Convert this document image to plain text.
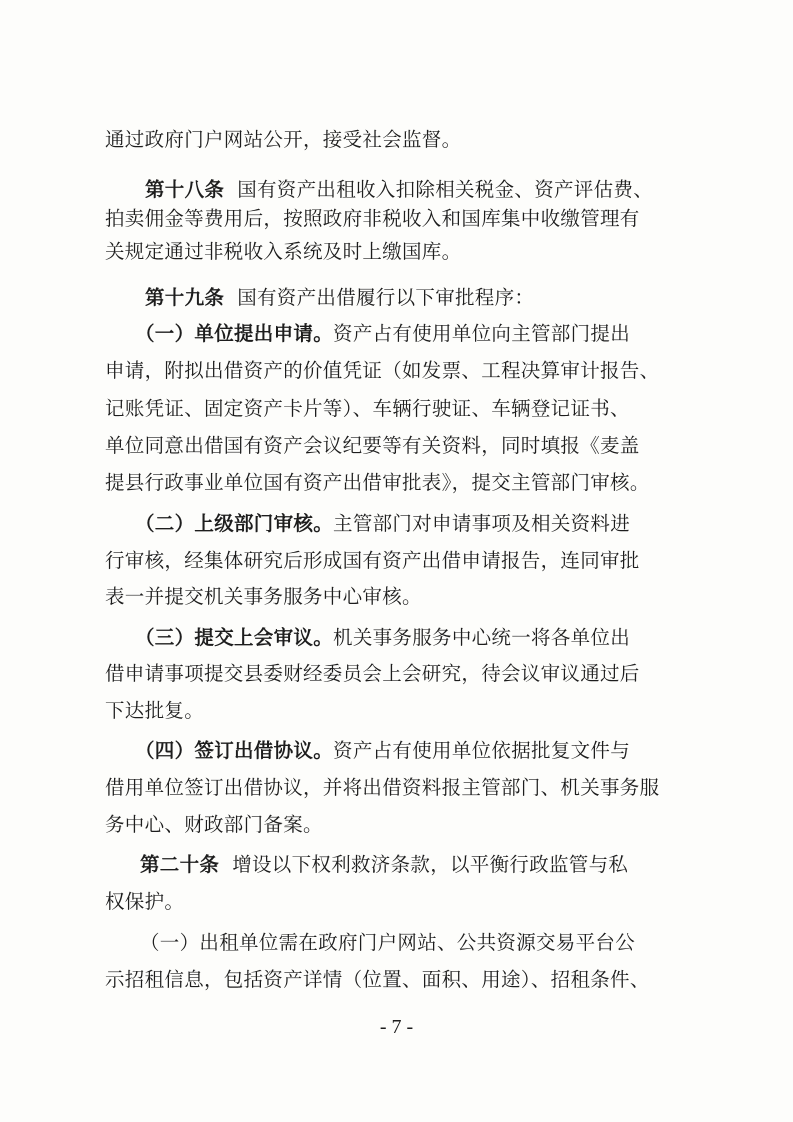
通过政府门户网站公开，接受社会监督。
第十八条  国有资产出租收入扣除相关税金、资产评估费、
拍卖佣金等费用后，按照政府非税收入和国库集中收缴管理有
关规定通过非税收入系统及时上缴国库。
第十九条  国有资产出借履行以下审批程序：
（一）单位提出申请。资产占有使用单位向主管部门提出
申请，附拟出借资产的价值凭证（如发票、工程决算审计报告、
记账凭证、固定资产卡片等）、车辆行驶证、车辆登记证书、
单位同意出借国有资产会议纪要等有关资料，同时填报《麦盖
提县行政事业单位国有资产出借审批表》，提交主管部门审核。
（二）上级部门审核。主管部门对申请事项及相关资料进
行审核，经集体研究后形成国有资产出借申请报告，连同审批
表一并提交机关事务服务中心审核。
（三）提交上会审议。机关事务服务中心统一将各单位出
借申请事项提交县委财经委员会上会研究，待会议审议通过后
下达批复。
（四）签订出借协议。资产占有使用单位依据批复文件与
借用单位签订出借协议，并将出借资料报主管部门、机关事务服
务中心、财政部门备案。
第二十条  增设以下权利救济条款，以平衡行政监管与私
权保护。
（一）出租单位需在政府门户网站、公共资源交易平台公
示招租信息，包括资产详情（位置、面积、用途）、招租条件、
- 7 -
